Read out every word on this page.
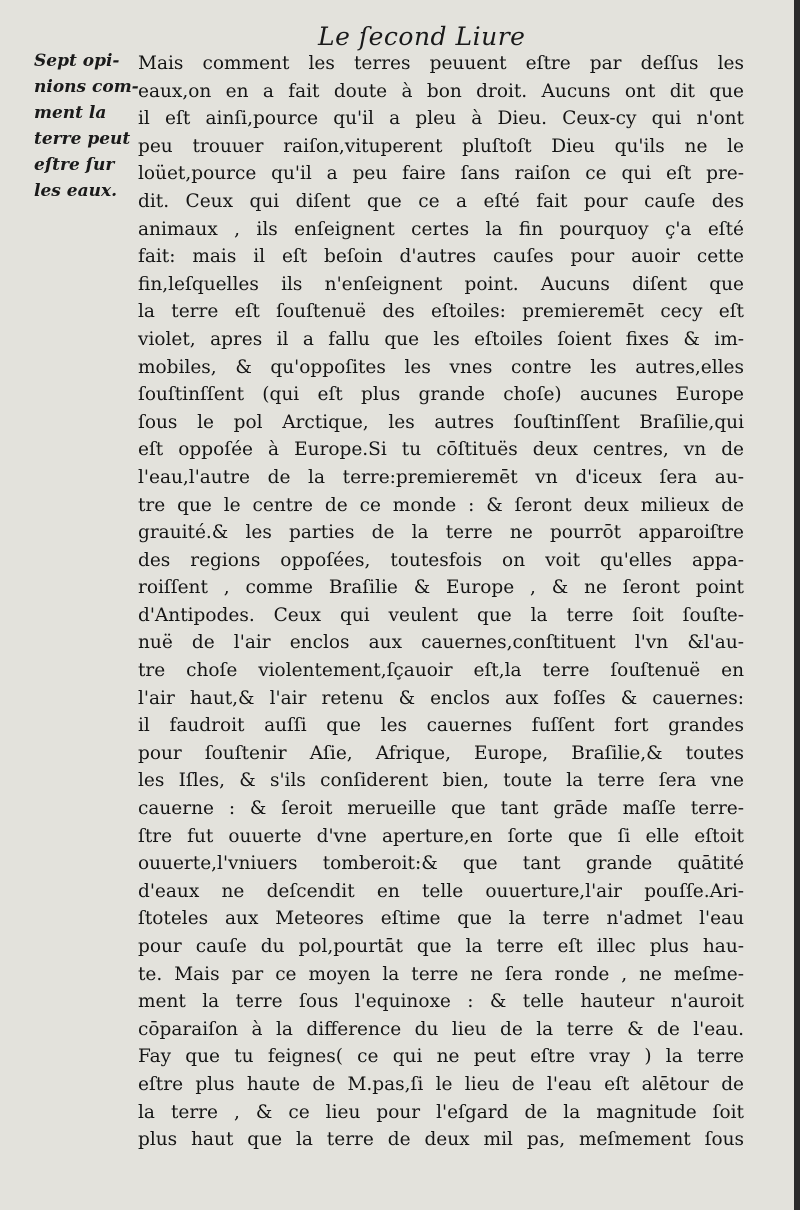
Le ſecond Liure
Sept opi-
nions com-
ment la
terre peut
eſtre ſur
les eaux.
Mais comment les terres peuuent eſtre par deſſus les
eaux,on en a fait doute à bon droit. Aucuns ont dit que
il eſt ainſi,pource qu'il a pleu à Dieu. Ceux-cy qui n'ont
peu trouuer raiſon,vituperent pluſtoſt Dieu qu'ils ne le
loüet,pource qu'il a peu faire ſans raiſon ce qui eſt pre-
dit. Ceux qui diſent que ce a eſté fait pour cauſe des
animaux , ils enſeignent certes la fin pourquoy ç'a eſté
fait: mais il eſt beſoin d'autres cauſes pour auoir cette
fin,leſquelles ils n'enſeignent point. Aucuns diſent que
la terre eſt ſouſtenuë des eſtoiles: premieremēt cecy eſt
violet, apres il a fallu que les eſtoiles ſoient fixes & im-
mobiles, & qu'oppoſites les vnes contre les autres,elles
ſouſtinſſent (qui eſt plus grande choſe) aucunes Europe
ſous le pol Arctique, les autres ſouſtinſſent Braſilie,qui
eſt oppoſée à Europe.Si tu cōſtituës deux centres, vn de
l'eau,l'autre de la terre:premieremēt vn d'iceux ſera au-
tre que le centre de ce monde : & ſeront deux milieux de
grauité.& les parties de la terre ne pourrōt apparoiſtre
des regions oppoſées, toutesfois on voit qu'elles appa-
roiſſent , comme Braſilie & Europe , & ne ſeront point
d'Antipodes. Ceux qui veulent que la terre ſoit ſouſte-
nuë de l'air enclos aux cauernes,conſtituent l'vn &l'au-
tre choſe violentement,ſçauoir eſt,la terre ſouſtenuë en
l'air haut,& l'air retenu & enclos aux foſſes & cauernes:
il faudroit auſſi que les cauernes fuſſent fort grandes
pour ſouſtenir Aſie, Afrique, Europe, Braſilie,& toutes
les Iſles, & s'ils conſiderent bien, toute la terre ſera vne
cauerne : & ſeroit merueille que tant grāde maſſe terre-
ſtre fut ouuerte d'vne aperture,en ſorte que ſi elle eſtoit
ouuerte,l'vniuers tomberoit:& que tant grande quātité
d'eaux ne deſcendit en telle ouuerture,l'air pouſſe.Ari-
ſtoteles aux Meteores eſtime que la terre n'admet l'eau
pour cauſe du pol,pourtāt que la terre eſt illec plus hau-
te. Mais par ce moyen la terre ne ſera ronde , ne meſme-
ment la terre ſous l'equinoxe : & telle hauteur n'auroit
cōparaiſon à la difference du lieu de la terre & de l'eau.
Fay que tu feignes( ce qui ne peut eſtre vray ) la terre
eſtre plus haute de M.pas,ſi le lieu de l'eau eſt alētour de
la terre , & ce lieu pour l'eſgard de la magnitude ſoit
plus haut que la terre de deux mil pas, meſmement ſous
